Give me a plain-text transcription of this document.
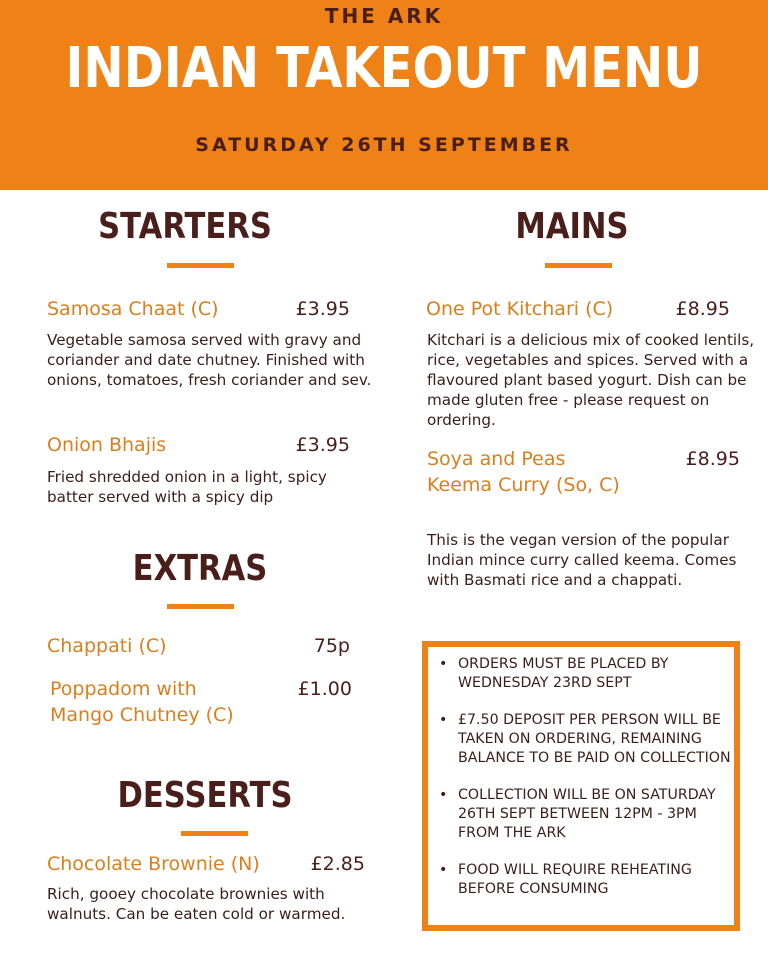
THE ARK
INDIAN TAKEOUT MENU
SATURDAY 26TH SEPTEMBER
STARTERS
Samosa Chaat (C)	£3.95
Vegetable samosa served with gravy and coriander and date chutney. Finished with onions, tomatoes, fresh coriander and sev.
Onion Bhajis	£3.95
Fried shredded onion in a light, spicy batter served with a spicy dip
EXTRAS
Chappati (C)	75p
Poppadom with Mango Chutney (C)
£1.00
DESSERTS
Chocolate Brownie (N)	£2.85
Rich, gooey chocolate brownies with walnuts. Can be eaten cold or warmed.
MAINS
One Pot Kitchari (C)	£8.95
Kitchari is a delicious mix of cooked lentils, rice, vegetables and spices. Served with a flavoured plant based yogurt. Dish can be made gluten free - please request on ordering.
Soya and Peas Keema Curry (So, C)
£8.95
This is the vegan version of the popular Indian mince curry called keema. Comes with Basmati rice and a chappati.
• ORDERS MUST BE PLACED BY WEDNESDAY 23RD SEPT
• £7.50 DEPOSIT PER PERSON WILL BE TAKEN ON ORDERING, REMAINING BALANCE TO BE PAID ON COLLECTION
• COLLECTION WILL BE ON SATURDAY 26TH SEPT BETWEEN 12PM - 3PM FROM THE ARK
• FOOD WILL REQUIRE REHEATING BEFORE CONSUMING
